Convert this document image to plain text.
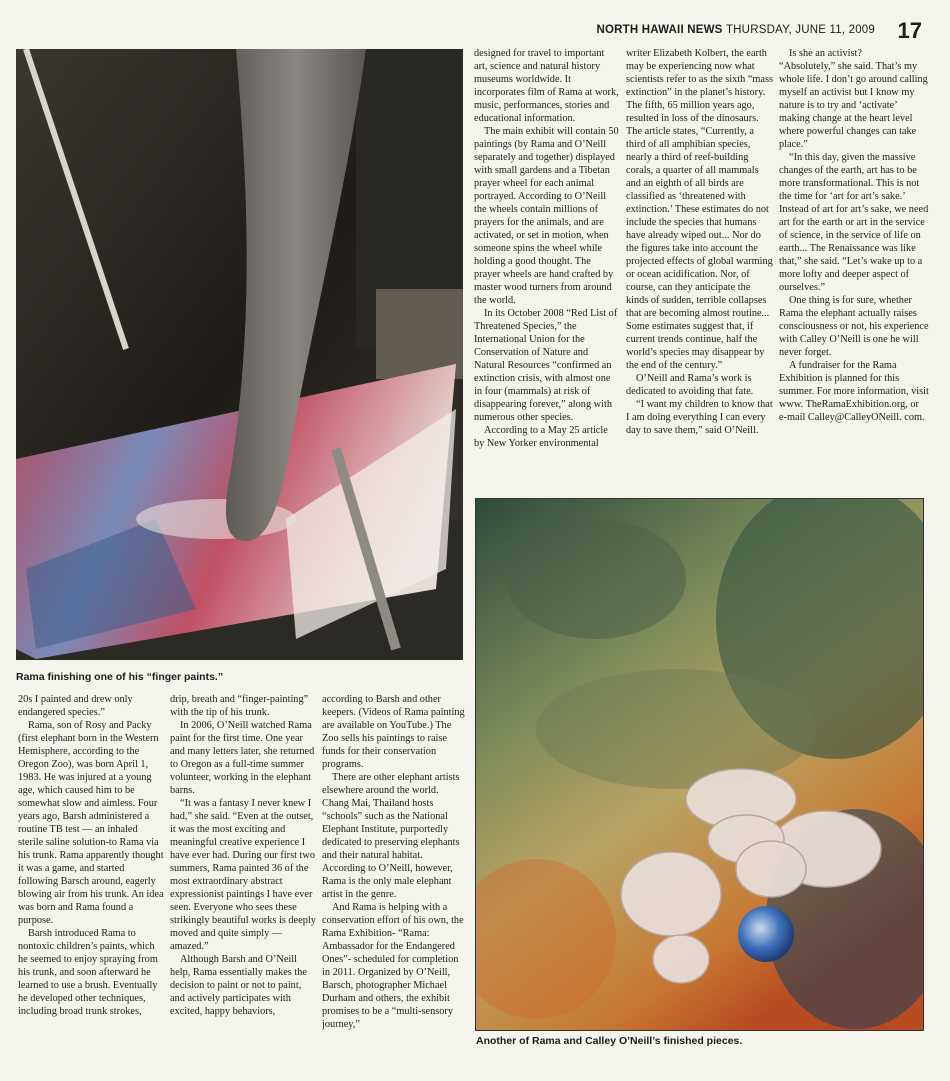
NORTH HAWAII NEWS THURSDAY, JUNE 11, 2009 17
Rama finishing one of his “finger paints.”

designed for travel to important art, science and natural history museums worldwide. It incorporates film of Rama at work, music, performances, stories and educational information.

The main exhibit will contain 50 paintings (by Rama and O’Neill separately and together) displayed with small gardens and a Tibetan prayer wheel for each animal portrayed. According to O’Neill the wheels contain millions of prayers for the animals, and are activated, or set in motion, when someone spins the wheel while holding a good thought. The prayer wheels are hand crafted by master wood turners from around the world.

In its October 2008 “Red List of Threatened Species,” the International Union for the Conservation of Nature and Natural Resources “confirmed an extinction crisis, with almost one in four (mammals) at risk of disappearing forever,” along with numerous other species.

According to a May 25 article by New Yorker environmental

writer Elizabeth Kolbert, the earth may be experiencing now what scientists refer to as the sixth “mass extinction” in the planet’s history. The fifth, 65 million years ago, resulted in loss of the dinosaurs. The article states, “Currently, a third of all amphibian species, nearly a third of reef-building corals, a quarter of all mammals and an eighth of all birds are classified as ‘threatened with extinction.’ These estimates do not include the species that humans have already wiped out... Nor do the figures take into account the projected effects of global warming or ocean acidification. Nor, of course, can they anticipate the kinds of sudden, terrible collapses that are becoming almost routine... Some estimates suggest that, if current trends continue, half the world’s species may disappear by the end of the century.”

O’Neill and Rama’s work is dedicated to avoiding that fate.

“I want my children to know that I am doing everything I can every day to save them,” said O’Neill.

Is she an activist?

“Absolutely,” she said. That’s my whole life. I don’t go around calling myself an activist but I know my nature is to try and ‘activate’ making change at the heart level where powerful changes can take place.”

“In this day, given the massive changes of the earth, art has to be more transformational. This is not the time for ‘art for art’s sake.’ Instead of art for art’s sake, we need art for the earth or art in the service of science, in the service of life on earth... The Renaissance was like that,” she said. “Let’s wake up to a more lofty and deeper aspect of ourselves.”

One thing is for sure, whether Rama the elephant actually raises consciousness or not, his experience with Calley O’Neill is one he will never forget.

A fundraiser for the Rama Exhibition is planned for this summer. For more information, visit www. TheRamaExhibition.org, or e-mail Calley@CalleyONeill. com.

Another of Rama and Calley O’Neill’s finished pieces.

20s I painted and drew only endangered species.”

Rama, son of Rosy and Packy (first elephant born in the Western Hemisphere, according to the Oregon Zoo), was born April 1, 1983. He was injured at a young age, which caused him to be somewhat slow and aimless. Four years ago, Barsh administered a routine TB test — an inhaled sterile saline solution-to Rama via his trunk. Rama apparently thought it was a game, and started following Barsch around, eagerly blowing air from his trunk. An idea was born and Rama found a purpose.

Barsh introduced Rama to nontoxic children’s paints, which he seemed to enjoy spraying from his trunk, and soon afterward he learned to use a brush. Eventually he developed other techniques, including broad trunk strokes,

drip, breath and “finger-painting” with the tip of his trunk.

In 2006, O’Neill watched Rama paint for the first time. One year and many letters later, she returned to Oregon as a full-time summer volunteer, working in the elephant barns.

“It was a fantasy I never knew I had,” she said. “Even at the outset, it was the most exciting and meaningful creative experience I have ever had. During our first two summers, Rama painted 36 of the most extraordinary abstract expressionist paintings I have ever seen. Everyone who sees these strikingly beautiful works is deeply moved and quite simply — amazed.”

Although Barsh and O’Neill help, Rama essentially makes the decision to paint or not to paint, and actively participates with excited, happy behaviors,

according to Barsh and other keepers. (Videos of Rama painting are available on YouTube.) The Zoo sells his paintings to raise funds for their conservation programs.

There are other elephant artists elsewhere around the world. Chang Mai, Thailand hosts “schools” such as the National Elephant Institute, purportedly dedicated to preserving elephants and their natural habitat. According to O’Neill, however, Rama is the only male elephant artist in the genre.

And Rama is helping with a conservation effort of his own, the Rama Exhibition- “Rama: Ambassador for the Endangered Ones”- scheduled for completion in 2011. Organized by O’Neill, Barsch, photographer Michael Durham and others, the exhibit promises to be a “multi-sensory journey,”
